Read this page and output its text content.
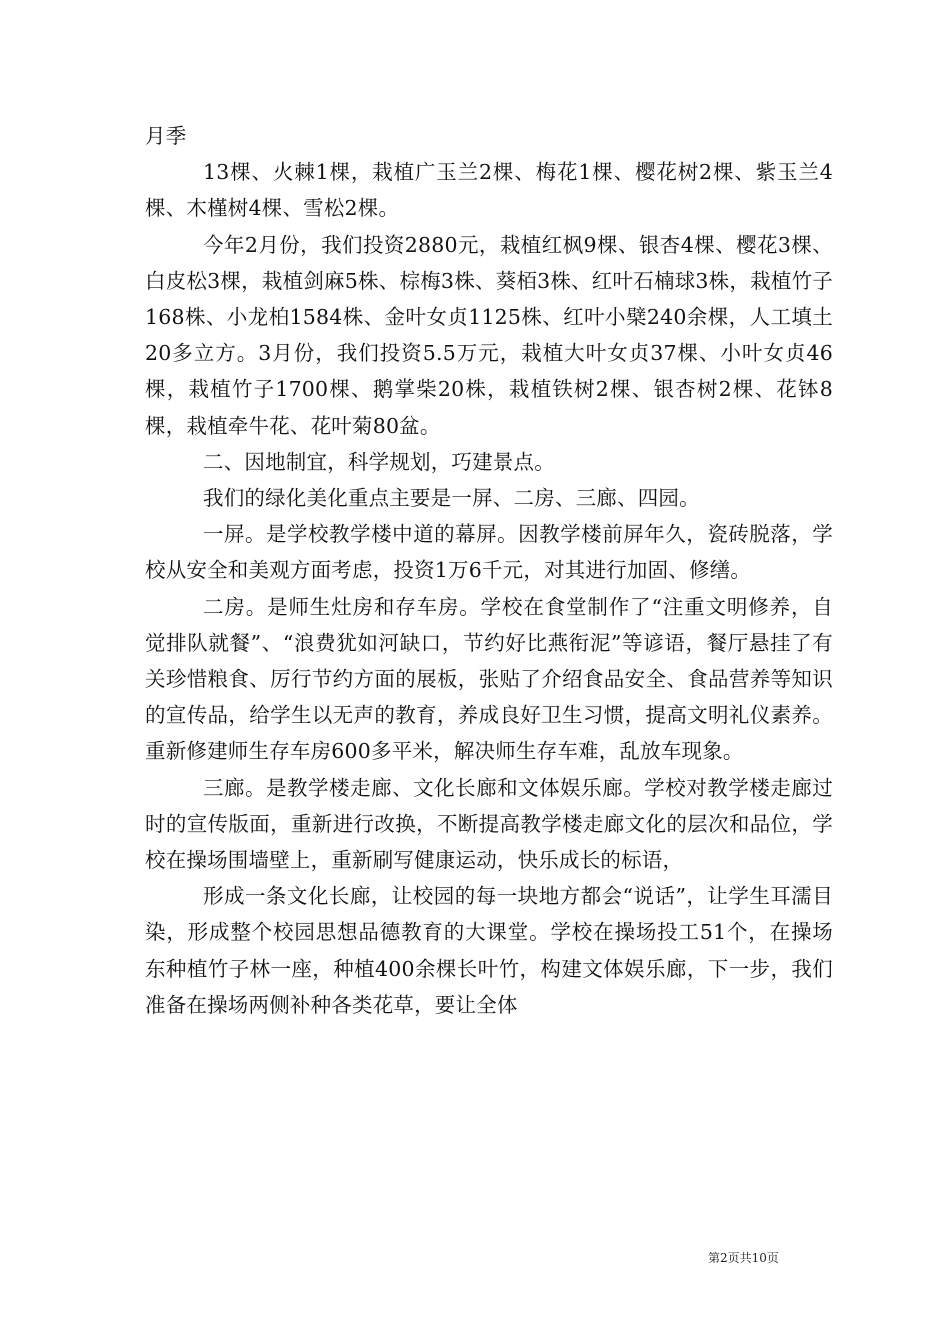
月季

13棵、火棘1棵，栽植广玉兰2棵、梅花1棵、樱花树2棵、紫玉兰4棵、木槿树4棵、雪松2棵。

今年2月份，我们投资2880元，栽植红枫9棵、银杏4棵、樱花3棵、白皮松3棵，栽植剑麻5株、棕梅3株、葵栢3株、红叶石楠球3株，栽植竹子168株、小龙柏1584株、金叶女贞1125株、红叶小檗240余棵，人工填土20多立方。3月份，我们投资5.5万元，栽植大叶女贞37棵、小叶女贞46棵，栽植竹子1700棵、鹅掌柴20株，栽植铁树2棵、银杏树2棵、花钵8棵，栽植牵牛花、花叶菊80盆。

二、因地制宜，科学规划，巧建景点。

我们的绿化美化重点主要是一屏、二房、三廊、四园。

一屏。是学校教学楼中道的幕屏。因教学楼前屏年久，瓷砖脱落，学校从安全和美观方面考虑，投资1万6千元，对其进行加固、修缮。

二房。是师生灶房和存车房。学校在食堂制作了“注重文明修养，自觉排队就餐”、“浪费犹如河缺口，节约好比燕衔泥”等谚语，餐厅悬挂了有关珍惜粮食、厉行节约方面的展板，张贴了介绍食品安全、食品营养等知识的宣传品，给学生以无声的教育，养成良好卫生习惯，提高文明礼仪素养。重新修建师生存车房600多平米，解决师生存车难，乱放车现象。

三廊。是教学楼走廊、文化长廊和文体娱乐廊。学校对教学楼走廊过时的宣传版面，重新进行改换，不断提高教学楼走廊文化的层次和品位，学校在操场围墙壁上，重新刷写健康运动，快乐成长的标语，

形成一条文化长廊，让校园的每一块地方都会“说话”，让学生耳濡目染，形成整个校园思想品德教育的大课堂。学校在操场投工51个，在操场东种植竹子林一座，种植400余棵长叶竹，构建文体娱乐廊，下一步，我们准备在操场两侧补种各类花草，要让全体

第2页共10页
